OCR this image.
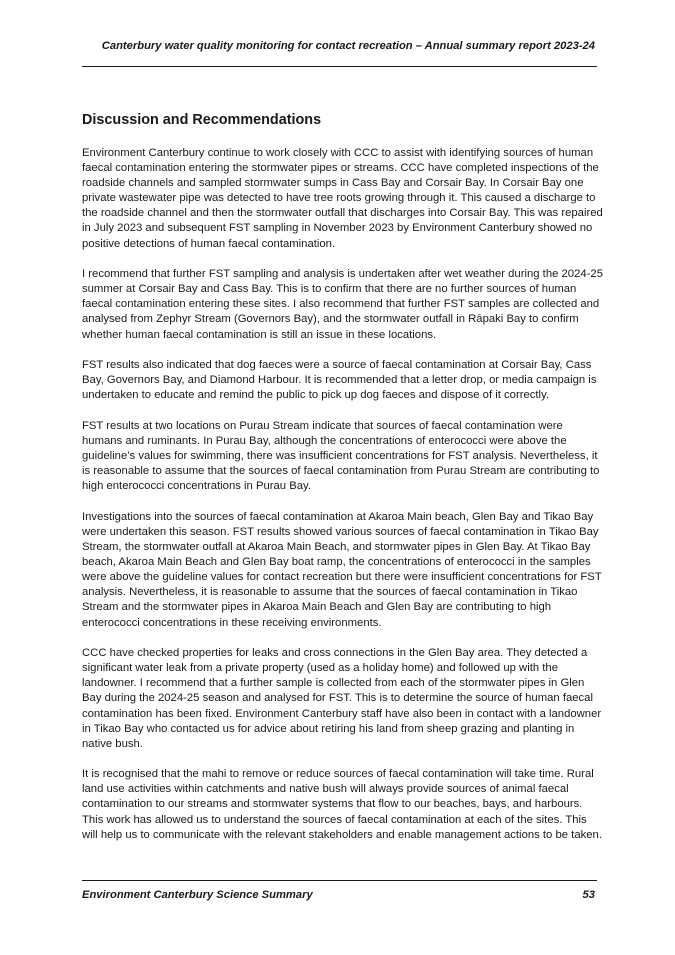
Canterbury water quality monitoring for contact recreation – Annual summary report 2023-24
Discussion and Recommendations

Environment Canterbury continue to work closely with CCC to assist with identifying sources of human faecal contamination entering the stormwater pipes or streams. CCC have completed inspections of the roadside channels and sampled stormwater sumps in Cass Bay and Corsair Bay. In Corsair Bay one private wastewater pipe was detected to have tree roots growing through it. This caused a discharge to the roadside channel and then the stormwater outfall that discharges into Corsair Bay. This was repaired in July 2023 and subsequent FST sampling in November 2023 by Environment Canterbury showed no positive detections of human faecal contamination.

I recommend that further FST sampling and analysis is undertaken after wet weather during the 2024-25 summer at Corsair Bay and Cass Bay. This is to confirm that there are no further sources of human faecal contamination entering these sites. I also recommend that further FST samples are collected and analysed from Zephyr Stream (Governors Bay), and the stormwater outfall in Rāpaki Bay to confirm whether human faecal contamination is still an issue in these locations.

FST results also indicated that dog faeces were a source of faecal contamination at Corsair Bay, Cass Bay, Governors Bay, and Diamond Harbour. It is recommended that a letter drop, or media campaign is undertaken to educate and remind the public to pick up dog faeces and dispose of it correctly.

FST results at two locations on Purau Stream indicate that sources of faecal contamination were humans and ruminants. In Purau Bay, although the concentrations of enterococci were above the guideline’s values for swimming, there was insufficient concentrations for FST analysis. Nevertheless, it is reasonable to assume that the sources of faecal contamination from Purau Stream are contributing to high enterococci concentrations in Purau Bay.

Investigations into the sources of faecal contamination at Akaroa Main beach, Glen Bay and Tikao Bay were undertaken this season. FST results showed various sources of faecal contamination in Tikao Bay Stream, the stormwater outfall at Akaroa Main Beach, and stormwater pipes in Glen Bay. At Tikao Bay beach, Akaroa Main Beach and Glen Bay boat ramp, the concentrations of enterococci in the samples were above the guideline values for contact recreation but there were insufficient concentrations for FST analysis. Nevertheless, it is reasonable to assume that the sources of faecal contamination in Tikao Stream and the stormwater pipes in Akaroa Main Beach and Glen Bay are contributing to high enterococci concentrations in these receiving environments.

CCC have checked properties for leaks and cross connections in the Glen Bay area. They detected a significant water leak from a private property (used as a holiday home) and followed up with the landowner. I recommend that a further sample is collected from each of the stormwater pipes in Glen Bay during the 2024-25 season and analysed for FST. This is to determine the source of human faecal contamination has been fixed. Environment Canterbury staff have also been in contact with a landowner in Tikao Bay who contacted us for advice about retiring his land from sheep grazing and planting in native bush.

It is recognised that the mahi to remove or reduce sources of faecal contamination will take time. Rural land use activities within catchments and native bush will always provide sources of animal faecal contamination to our streams and stormwater systems that flow to our beaches, bays, and harbours. This work has allowed us to understand the sources of faecal contamination at each of the sites. This will help us to communicate with the relevant stakeholders and enable management actions to be taken.

Environment Canterbury Science Summary	53
